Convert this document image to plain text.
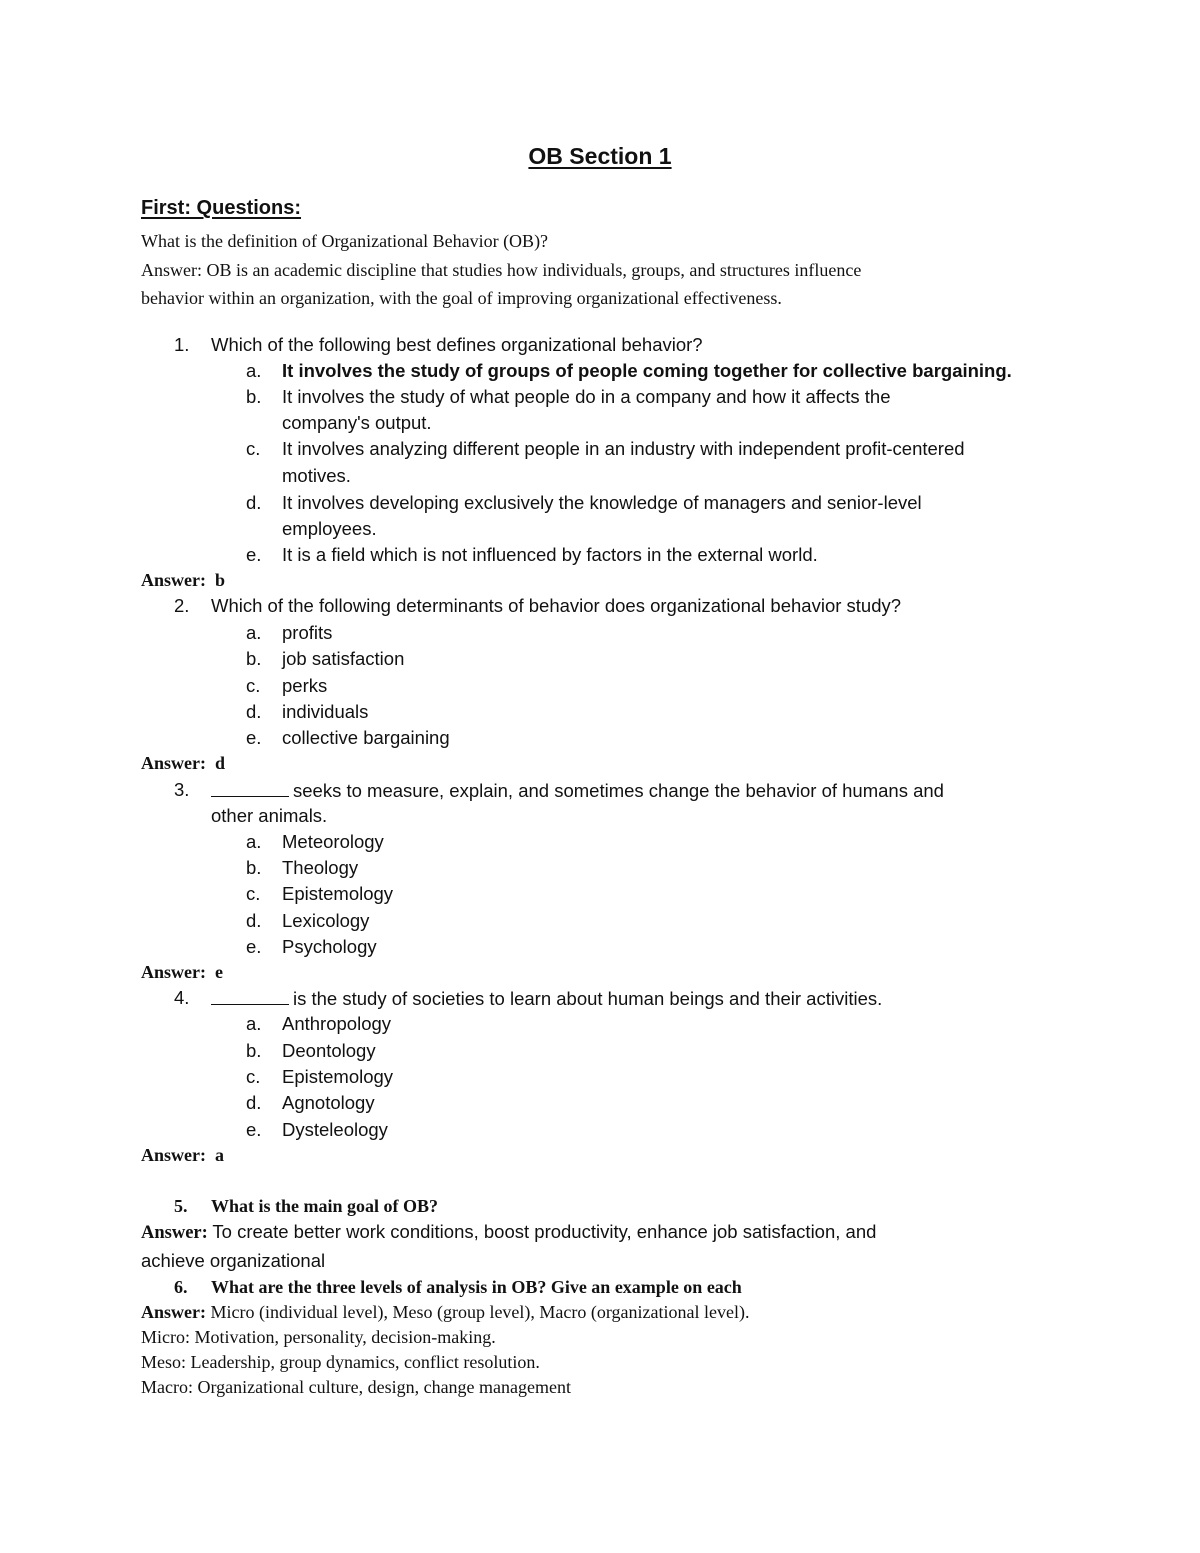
OB Section 1
First: Questions:
What is the definition of Organizational Behavior (OB)?
Answer: OB is an academic discipline that studies how individuals, groups, and structures influence
behavior within an organization, with the goal of improving organizational effectiveness.
1.	Which of the following best defines organizational behavior?
a. It involves the study of groups of people coming together for collective bargaining.
b. It involves the study of what people do in a company and how it affects the
company's output.
c. It involves analyzing different people in an industry with independent profit-centered
motives.
d. It involves developing exclusively the knowledge of managers and senior-level
employees.
e. It is a field which is not influenced by factors in the external world.
Answer: b
2.	Which of the following determinants of behavior does organizational behavior study?
a. profits
b. job satisfaction
c. perks
d. individuals
e. collective bargaining
Answer: d
3.	seeks to measure, explain, and sometimes change the behavior of humans and
other animals.
a. Meteorology
b. Theology
c. Epistemology
d. Lexicology
e. Psychology
Answer: e
4.	is the study of societies to learn about human beings and their activities.
a. Anthropology
b. Deontology
c. Epistemology
d. Agnotology
e. Dysteleology
Answer: a
5. What is the main goal of OB?
Answer: To create better work conditions, boost productivity, enhance job satisfaction, and
achieve organizational
6. What are the three levels of analysis in OB? Give an example on each
Answer: Micro (individual level), Meso (group level), Macro (organizational level).
Micro: Motivation, personality, decision-making.
Meso: Leadership, group dynamics, conflict resolution.
Macro: Organizational culture, design, change management
